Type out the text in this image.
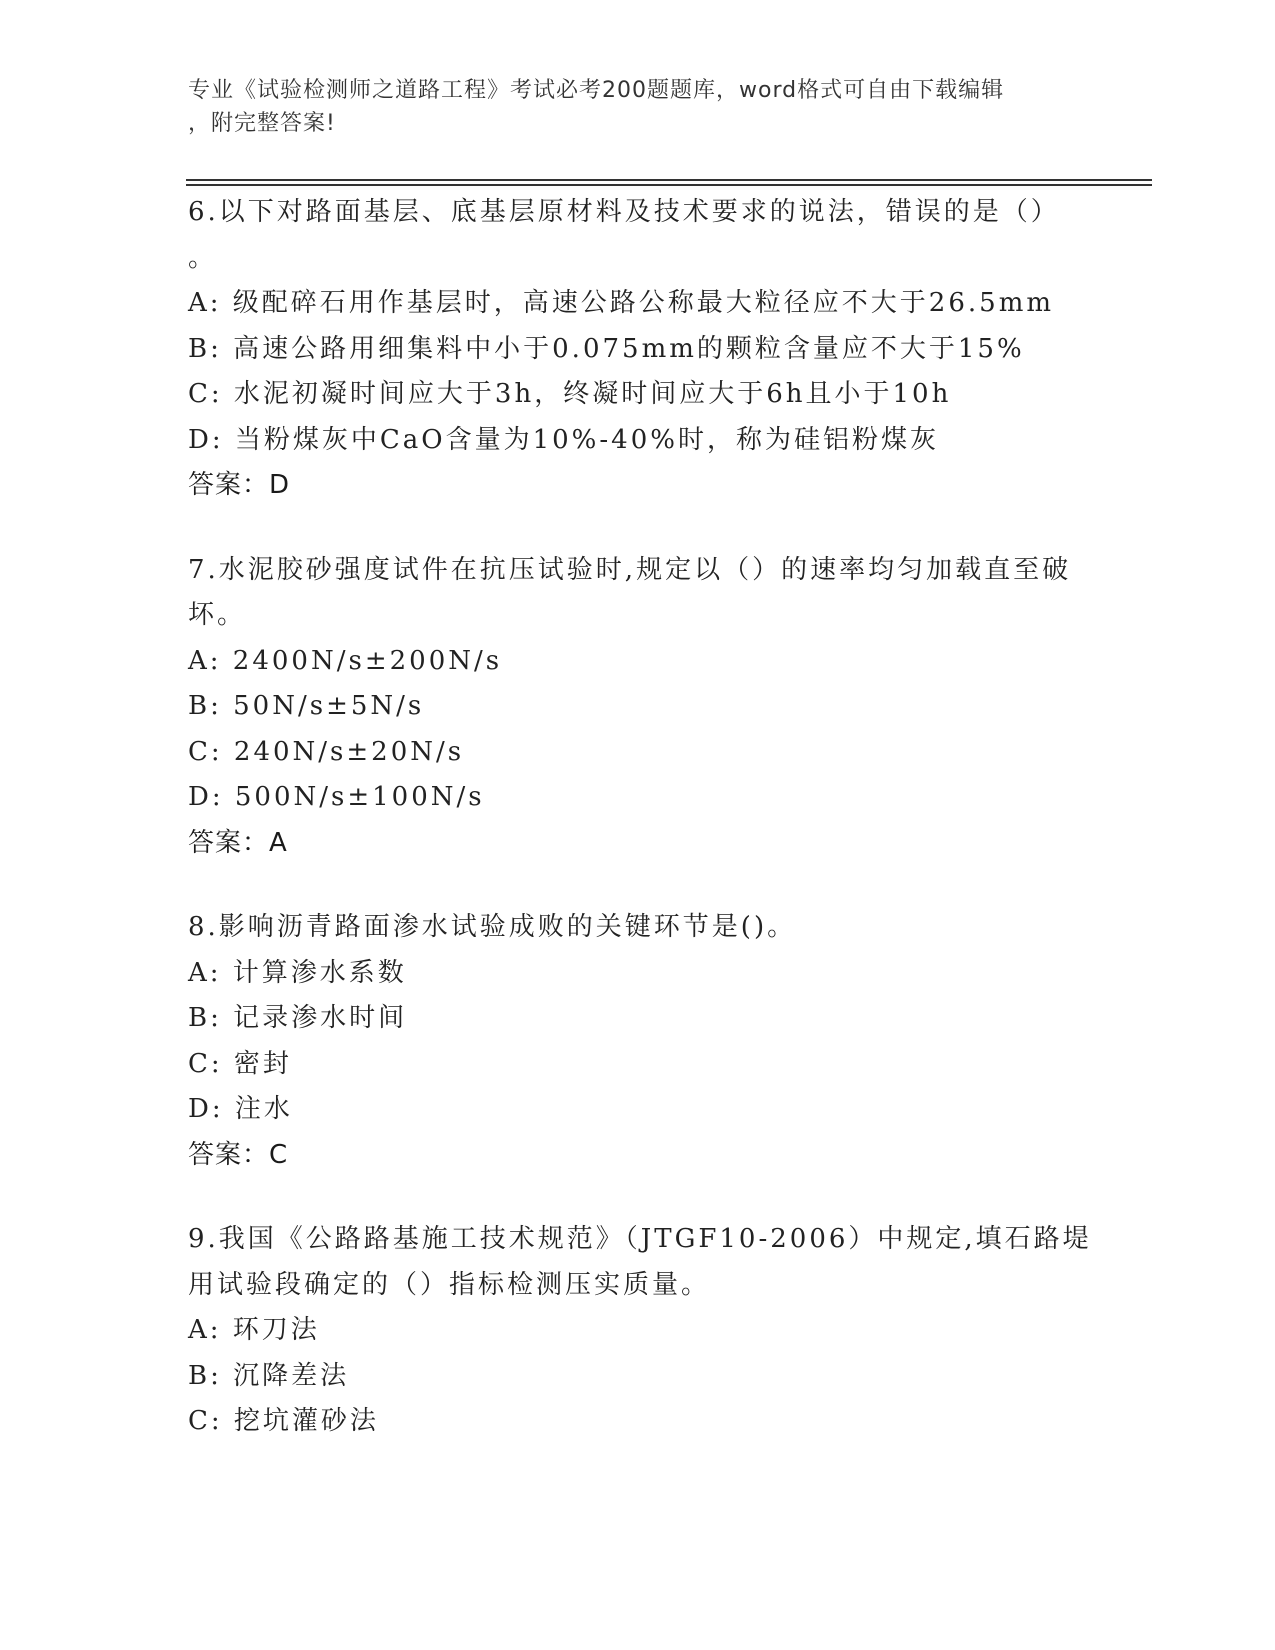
专业《试验检测师之道路工程》考试必考200题题库，word格式可自由下载编辑
，附完整答案!

6.以下对路面基层、底基层原材料及技术要求的说法，错误的是（）

。

A: 级配碎石用作基层时，高速公路公称最大粒径应不大于26.5mm

B: 高速公路用细集料中小于0.075mm的颗粒含量应不大于15%

C: 水泥初凝时间应大于3h，终凝时间应大于6h且小于10h

D: 当粉煤灰中CaO含量为10%-40%时，称为硅铝粉煤灰

答案：D

7.水泥胶砂强度试件在抗压试验时,规定以（）的速率均匀加载直至破

坏。

A: 2400N/s±200N/s

B: 50N/s±5N/s

C: 240N/s±20N/s

D: 500N/s±100N/s

答案：A

8.影响沥青路面渗水试验成败的关键环节是()。

A: 计算渗水系数

B: 记录渗水时间

C: 密封

D: 注水

答案：C

9.我国《公路路基施工技术规范》（JTGF10-2006）中规定,填石路堤

用试验段确定的（）指标检测压实质量。

A: 环刀法

B: 沉降差法

C: 挖坑灌砂法
